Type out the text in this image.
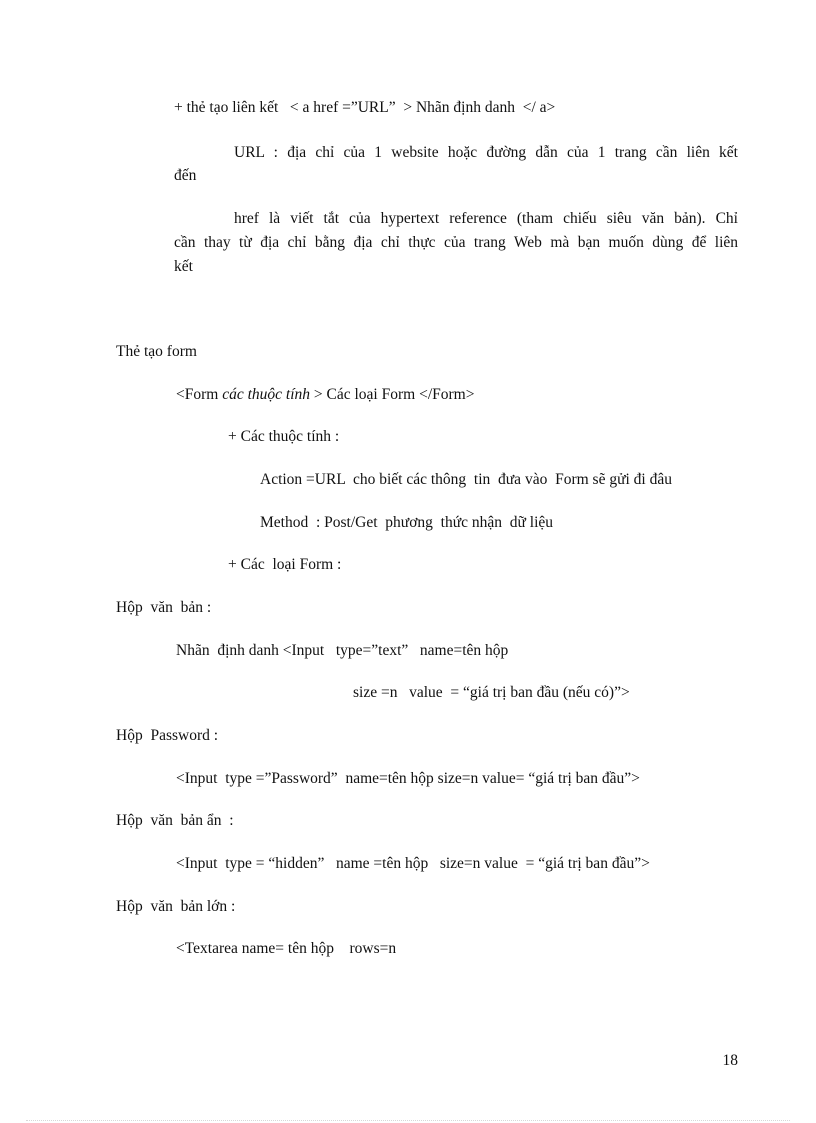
+ thẻ tạo liên kết   < a href =”URL”  > Nhãn định danh  </ a>
URL : địa chỉ của 1 website hoặc đường dẫn của 1 trang cần liên kết
đến
href là viết tắt của hypertext reference (tham chiếu siêu văn bản). Chỉ
cần thay từ địa chỉ bằng địa chỉ thực của trang Web mà bạn muốn dùng để liên
kết
Thẻ tạo form
<Form các thuộc tính > Các loại Form </Form>
+ Các thuộc tính :
Action =URL  cho biết các thông  tin  đưa vào  Form sẽ gửi đi đâu
Method  : Post/Get  phương  thức nhận  dữ liệu
+ Các  loại Form :
Hộp  văn  bản :
Nhãn  định danh <Input   type=”text”   name=tên hộp
size =n   value  = “giá trị ban đầu (nếu có)”>
Hộp  Password :
<Input  type =”Password”  name=tên hộp size=n value= “giá trị ban đầu”>
Hộp  văn  bản ẩn  :
<Input  type = “hidden”   name =tên hộp   size=n value  = “giá trị ban đầu”>
Hộp  văn  bản lớn :
<Textarea name= tên hộp    rows=n
18
